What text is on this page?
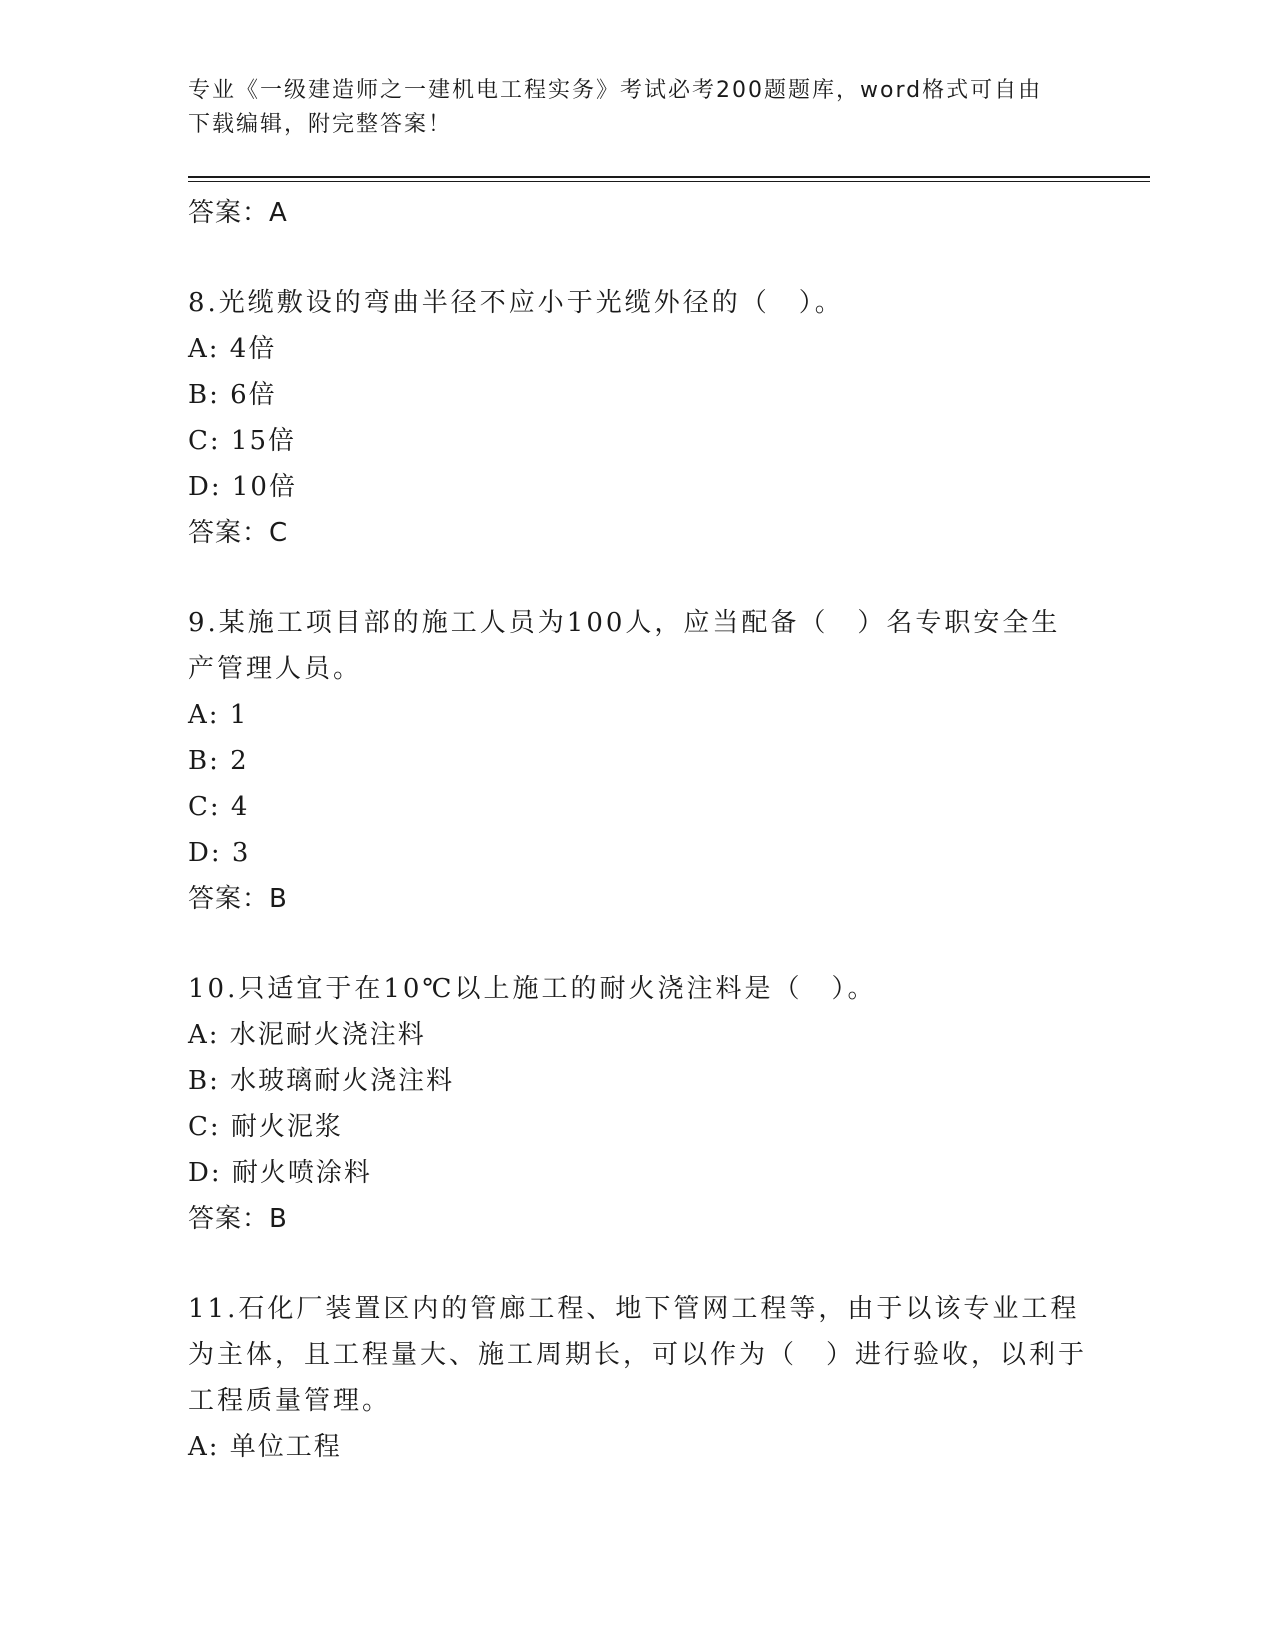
专业《一级建造师之一建机电工程实务》考试必考200题题库，word格式可自由
下载编辑，附完整答案！
答案：A
8.光缆敷设的弯曲半径不应小于光缆外径的（　）。
A: 4倍
B: 6倍
C: 15倍
D: 10倍
答案：C
9.某施工项目部的施工人员为100人，应当配备（　）名专职安全生产管理人员。
A: 1
B: 2
C: 4
D: 3
答案：B
10.只适宜于在10℃以上施工的耐火浇注料是（　）。
A: 水泥耐火浇注料
B: 水玻璃耐火浇注料
C: 耐火泥浆
D: 耐火喷涂料
答案：B
11.石化厂装置区内的管廊工程、地下管网工程等，由于以该专业工程为主体，且工程量大、施工周期长，可以作为（　）进行验收，以利于工程质量管理。
A: 单位工程
